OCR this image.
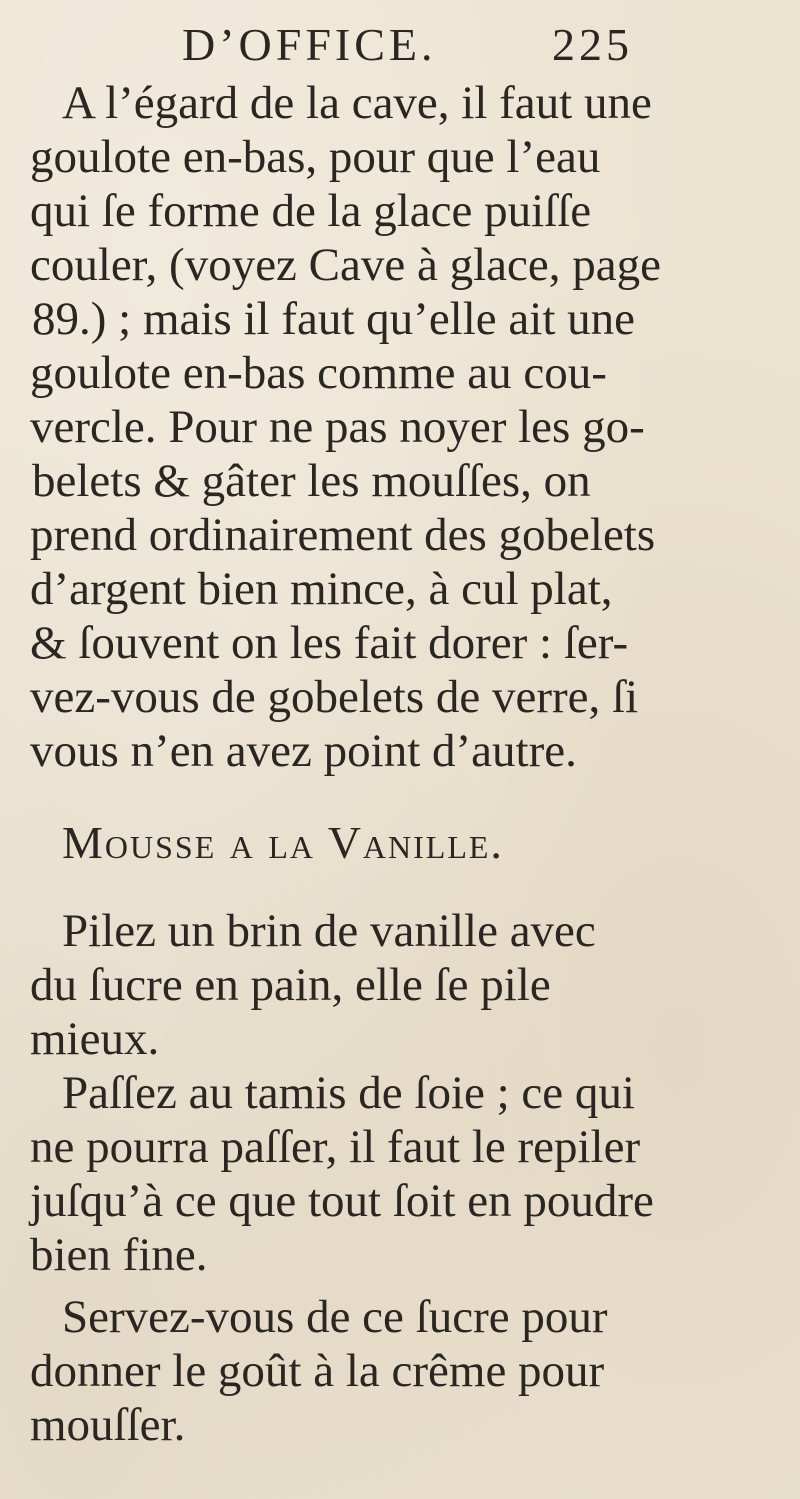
D’OFFICE.	225
A l’égard de la cave, il faut une
goulote en-bas, pour que l’eau
qui ſe forme de la glace puiſſe
couler, (voyez Cave à glace, page
89.) ; mais il faut qu’elle ait une
goulote en-bas comme au cou-
vercle. Pour ne pas noyer les go-
belets & gâter les mouſſes, on
prend ordinairement des gobelets
d’argent bien mince, à cul plat,
& ſouvent on les fait dorer : ſer-
vez-vous de gobelets de verre, ſi
vous n’en avez point d’autre.
Mousse a la Vanille.
Pilez un brin de vanille avec
du ſucre en pain, elle ſe pile
mieux.
Paſſez au tamis de ſoie ; ce qui
ne pourra paſſer, il faut le repiler
juſqu’à ce que tout ſoit en poudre
bien fine.
Servez-vous de ce ſucre pour
donner le goût à la crême pour
mouſſer.
